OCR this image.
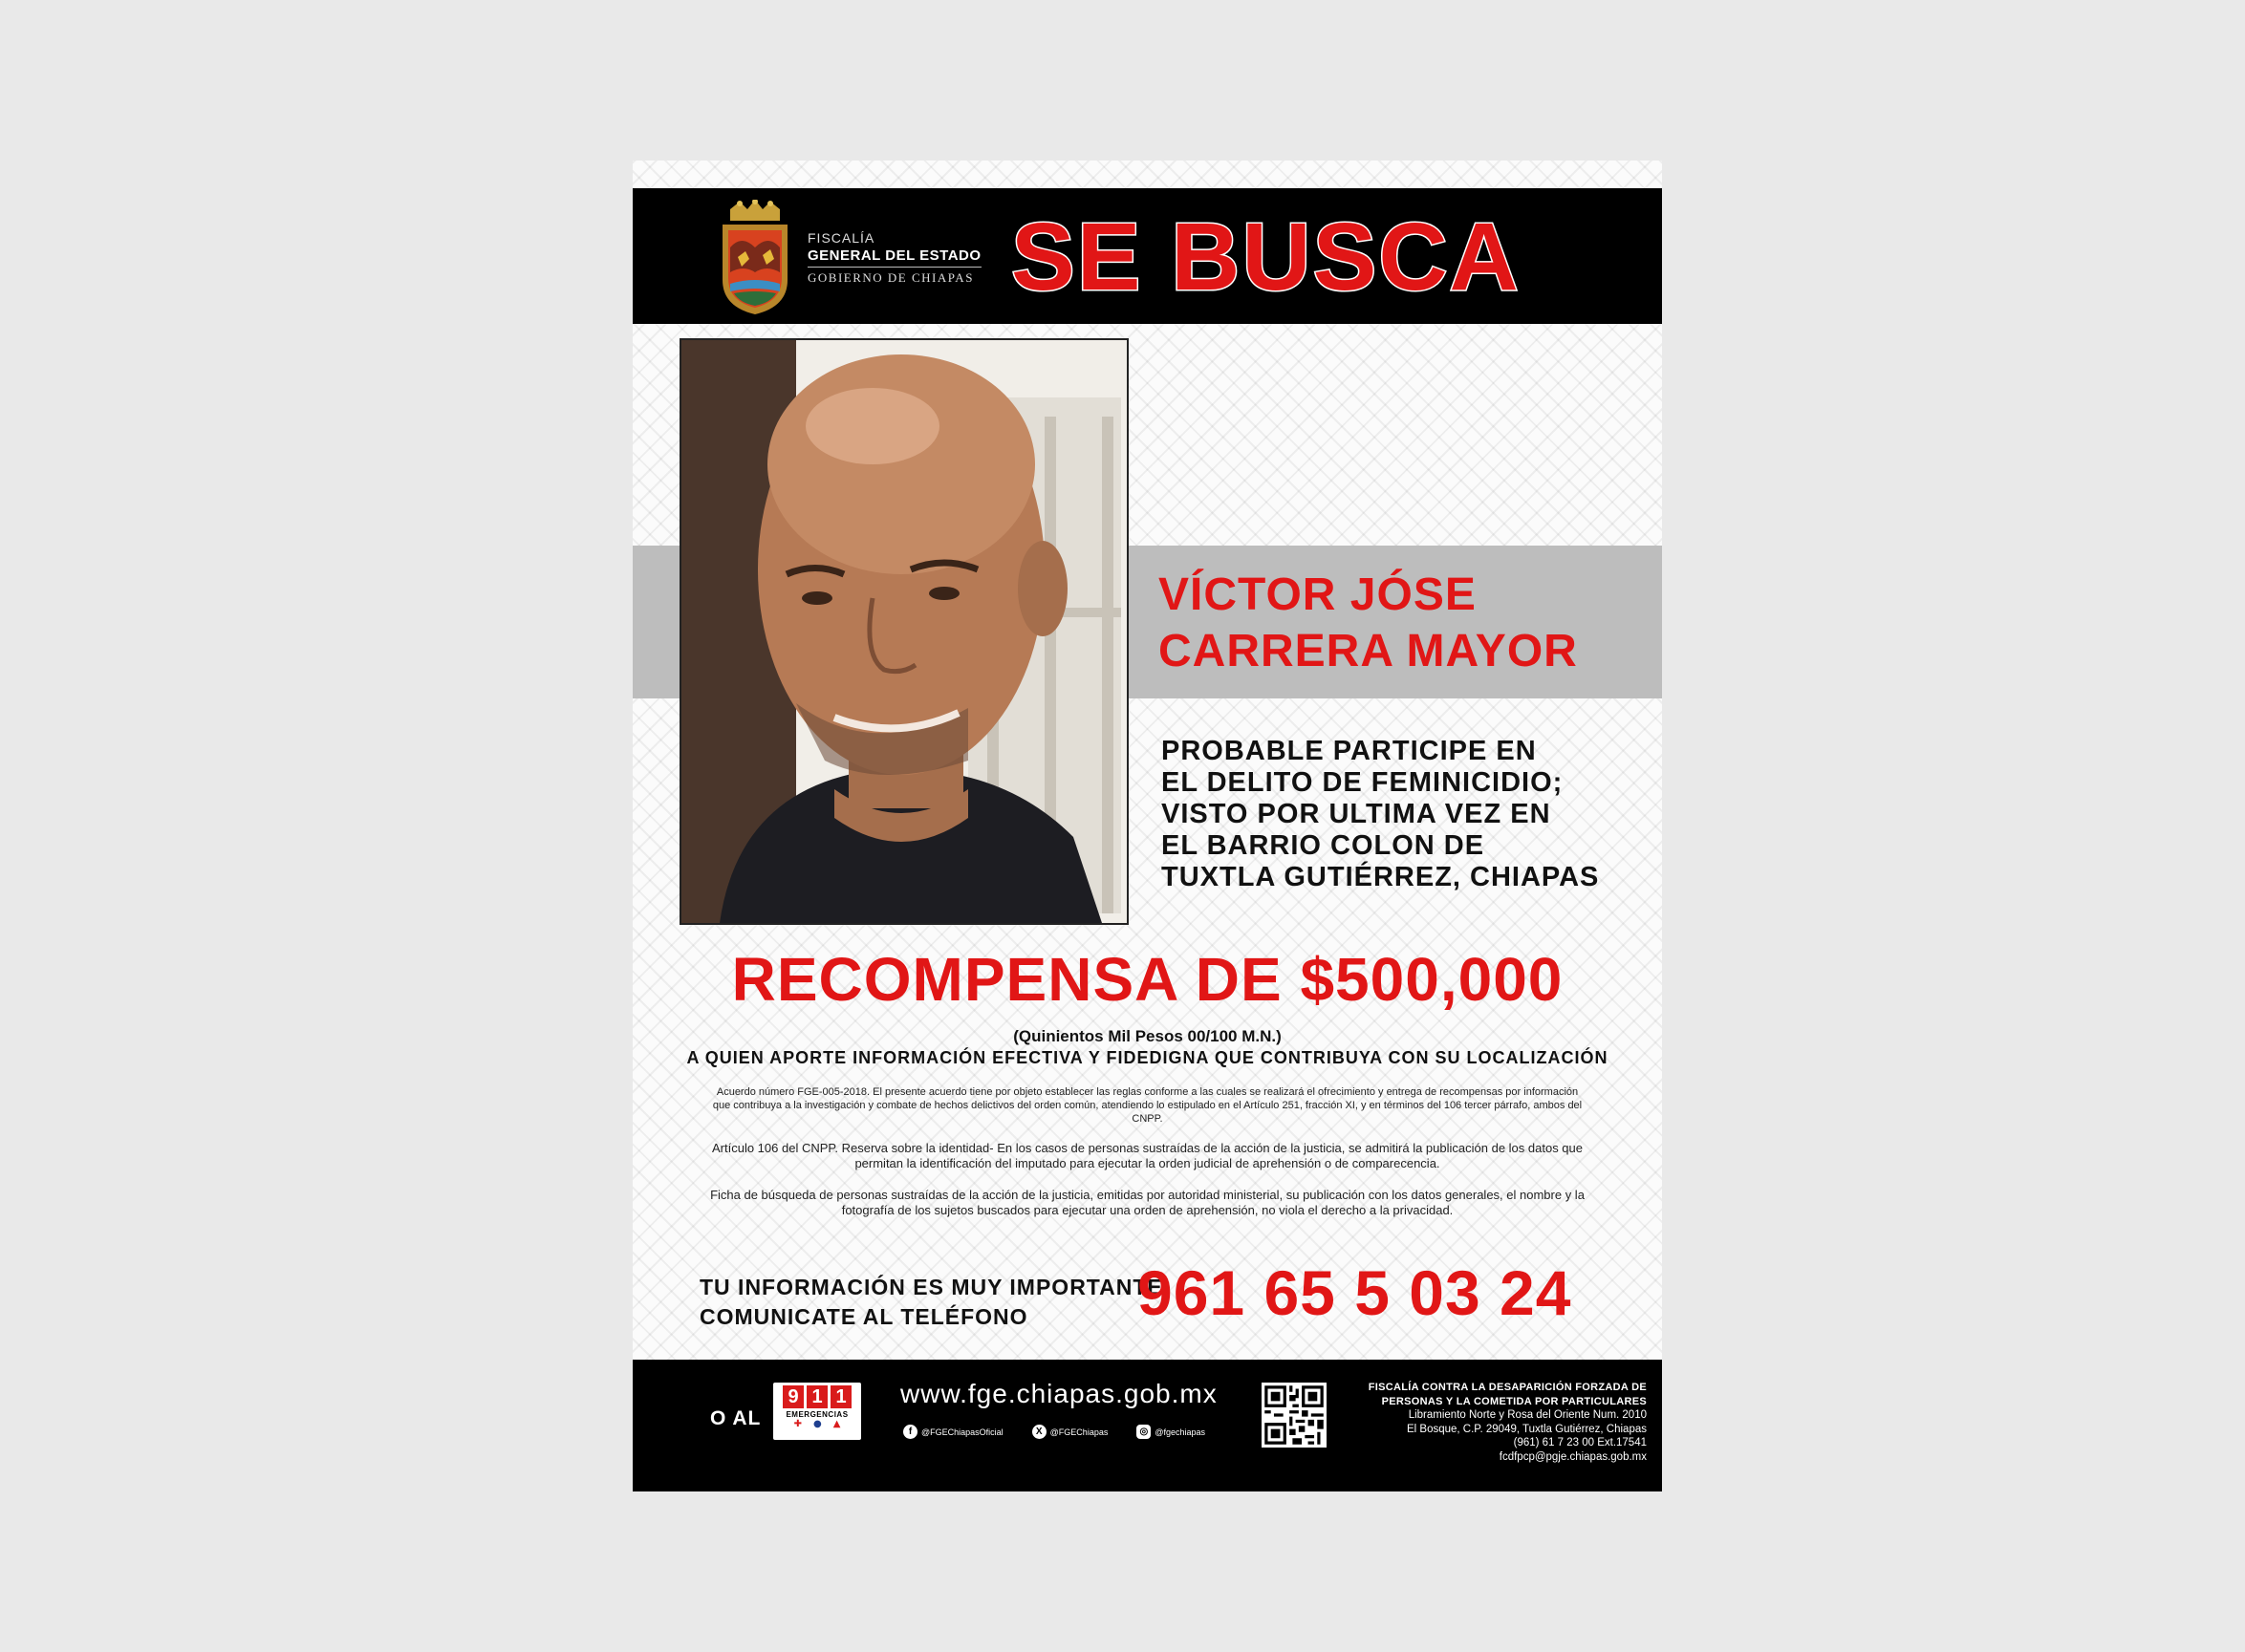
FISCALÍA
GENERAL DEL ESTADO
GOBIERNO DE CHIAPAS SE BUSCA
VÍCTOR JÓSE
CARRERA MAYOR
PROBABLE PARTICIPE EN
EL DELITO DE FEMINICIDIO;
VISTO POR ULTIMA VEZ EN
EL BARRIO COLON DE
TUXTLA GUTIÉRREZ, CHIAPAS
RECOMPENSA DE $500,000
(Quinientos Mil Pesos 00/100 M.N.)
A QUIEN APORTE INFORMACIÓN EFECTIVA Y FIDEDIGNA QUE CONTRIBUYA CON SU LOCALIZACIÓN
Acuerdo número FGE-005-2018. El presente acuerdo tiene por objeto establecer las reglas conforme a las cuales se realizará el ofrecimiento y entrega de recompensas por información que contribuya a la investigación y combate de hechos delictivos del orden común, atendiendo lo estipulado en el Artículo 251, fracción XI, y en términos del 106 tercer párrafo, ambos del CNPP.
Artículo 106 del CNPP. Reserva sobre la identidad- En los casos de personas sustraídas de la acción de la justicia, se admitirá la publicación de los datos que permitan la identificación del imputado para ejecutar la orden judicial de aprehensión o de comparecencia.
Ficha de búsqueda de personas sustraídas de la acción de la justicia, emitidas por autoridad ministerial, su publicación con los datos generales, el nombre y la fotografía de los sujetos buscados para ejecutar una orden de aprehensión, no viola el derecho a la privacidad.
TU INFORMACIÓN ES MUY IMPORTANTE
COMUNICATE AL TELÉFONO	961 65 5 03 24
O AL
9 1 1
EMERGENCIAS
✚ ● ▲
www.fge.chiapas.gob.mx
f	@FGEChiapasOficial	X @FGEChiapas	◎ @fgechiapas
FISCALÍA CONTRA LA DESAPARICIÓN FORZADA DE
PERSONAS Y LA COMETIDA POR PARTICULARES
Libramiento Norte y Rosa del Oriente Num. 2010
El Bosque, C.P. 29049, Tuxtla Gutiérrez, Chiapas
(961) 61 7 23 00 Ext.17541
fcdfpcp@pgje.chiapas.gob.mx
